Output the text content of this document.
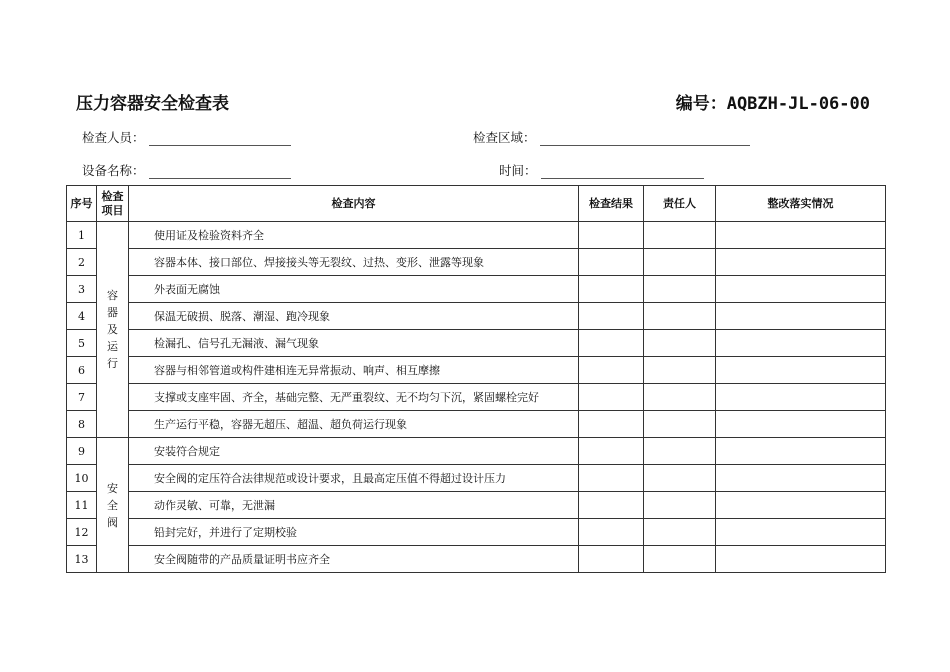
压力容器安全检查表	编号：AQBZH-JL-06-00
检查人员：	检查区域：
设备名称：	时间：
序号	检查项目	检查内容	检查结果	责任人	整改落实情况
1	容器及运行	使用证及检验资料齐全			
2		容器本体、接口部位、焊接接头等无裂纹、过热、变形、泄露等现象			
3		外表面无腐蚀			
4		保温无破损、脱落、潮湿、跑冷现象			
5		检漏孔、信号孔无漏液、漏气现象			
6		容器与相邻管道或构件建相连无异常振动、响声、相互摩擦			
7		支撑或支座牢固、齐全，基础完整、无严重裂纹、无不均匀下沉，紧固螺栓完好			
8		生产运行平稳，容器无超压、超温、超负荷运行现象			
9	安全阀	安装符合规定			
10		安全阀的定压符合法律规范或设计要求，且最高定压值不得超过设计压力			
11		动作灵敏、可靠，无泄漏			
12		铅封完好，并进行了定期校验			
13		安全阀随带的产品质量证明书应齐全			
